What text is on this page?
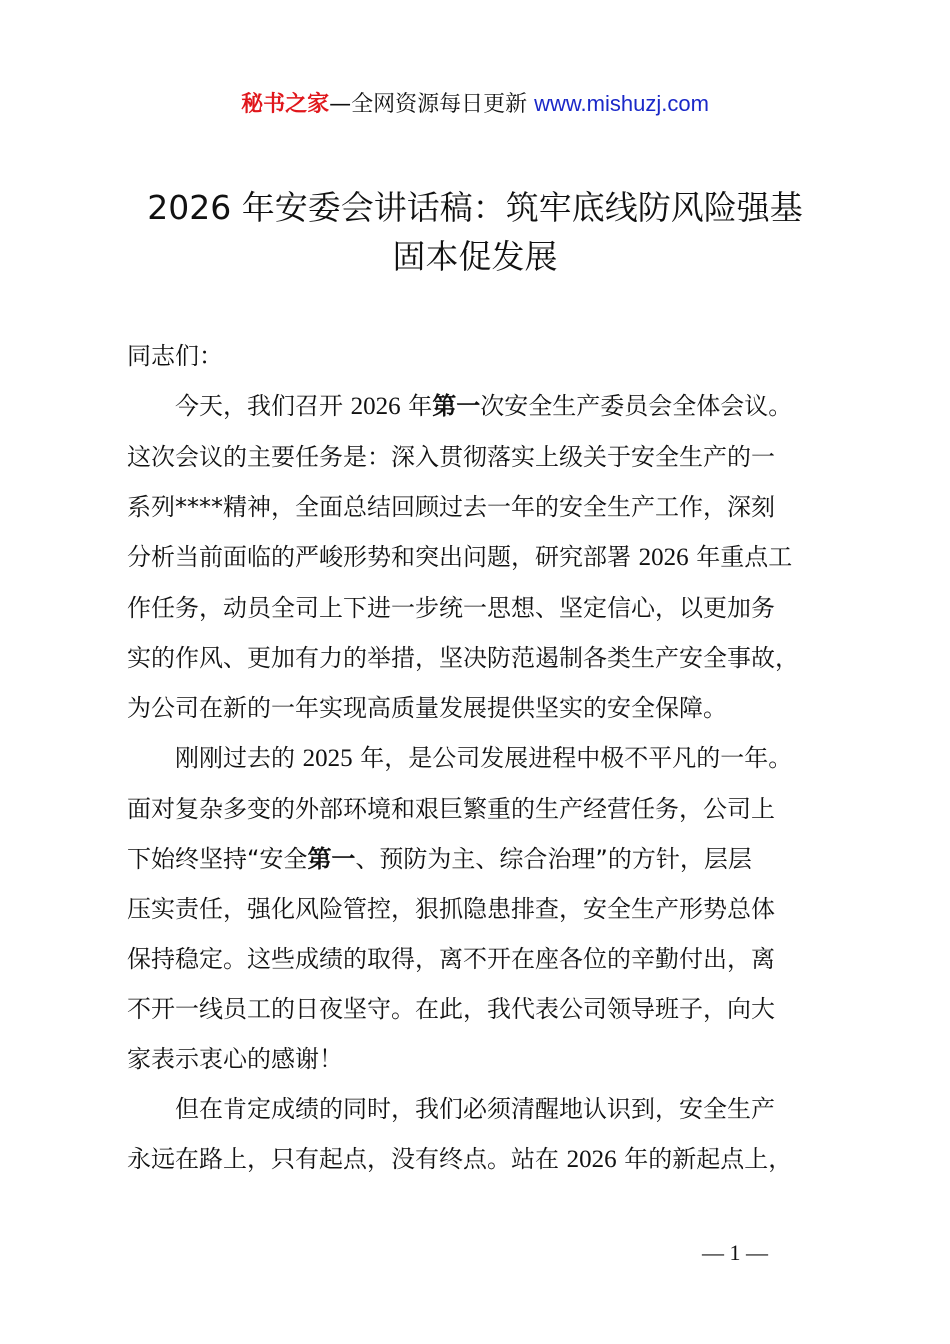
秘书之家—全网资源每日更新 www.mishuzj.com
2026 年安委会讲话稿：筑牢底线防风险强基
固本促发展

同志们：

今天，我们召开 2026 年第一次安全生产委员会全体会议。

这次会议的主要任务是：深入贯彻落实上级关于安全生产的一

系列****精神，全面总结回顾过去一年的安全生产工作，深刻

分析当前面临的严峻形势和突出问题，研究部署 2026 年重点工

作任务，动员全司上下进一步统一思想、坚定信心，以更加务

实的作风、更加有力的举措，坚决防范遏制各类生产安全事故，

为公司在新的一年实现高质量发展提供坚实的安全保障。

刚刚过去的 2025 年，是公司发展进程中极不平凡的一年。

面对复杂多变的外部环境和艰巨繁重的生产经营任务，公司上

下始终坚持“安全第一、预防为主、综合治理”的方针，层层

压实责任，强化风险管控，狠抓隐患排查，安全生产形势总体

保持稳定。这些成绩的取得，离不开在座各位的辛勤付出，离

不开一线员工的日夜坚守。在此，我代表公司领导班子，向大

家表示衷心的感谢！

但在肯定成绩的同时，我们必须清醒地认识到，安全生产

永远在路上，只有起点，没有终点。站在 2026 年的新起点上，

— 1 —
